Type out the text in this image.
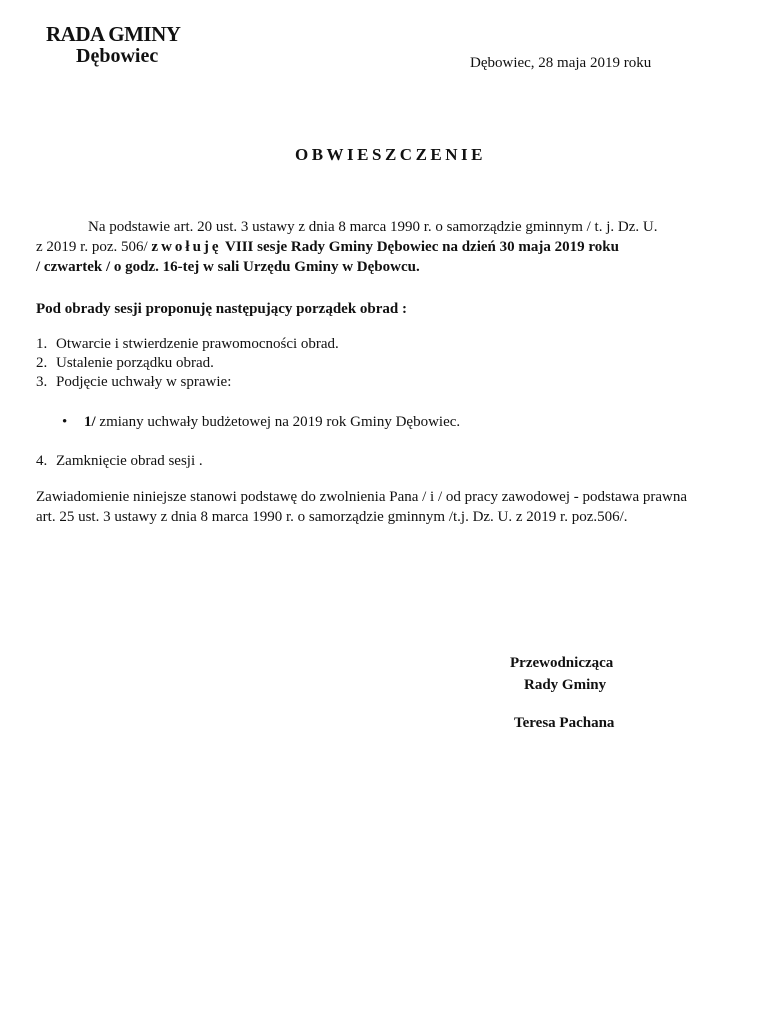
RADA GMINY
Dębowiec	Dębowiec, 28 maja 2019 roku
OBWIESZCZENIE
Na podstawie art. 20 ust. 3 ustawy z dnia 8 marca 1990 r. o samorządzie gminnym / t. j. Dz. U.
z 2019 r. poz. 506/ zwołuję VIII sesje Rady Gminy Dębowiec na dzień 30 maja 2019 roku
/ czwartek / o godz. 16-tej w sali Urzędu Gminy w Dębowcu.
Pod obrady sesji proponuję następujący porządek obrad :
1. Otwarcie i stwierdzenie prawomocności obrad.
2. Ustalenie porządku obrad.
3. Podjęcie uchwały w sprawie:
• 1/ zmiany uchwały budżetowej na 2019 rok Gminy Dębowiec.
4. Zamknięcie obrad sesji .
Zawiadomienie niniejsze stanowi podstawę do zwolnienia Pana / i / od pracy zawodowej - podstawa prawna
art. 25 ust. 3 ustawy z dnia 8 marca 1990 r. o samorządzie gminnym /t.j. Dz. U. z 2019 r. poz.506/.
Przewodnicząca
Rady Gminy
Teresa Pachana
